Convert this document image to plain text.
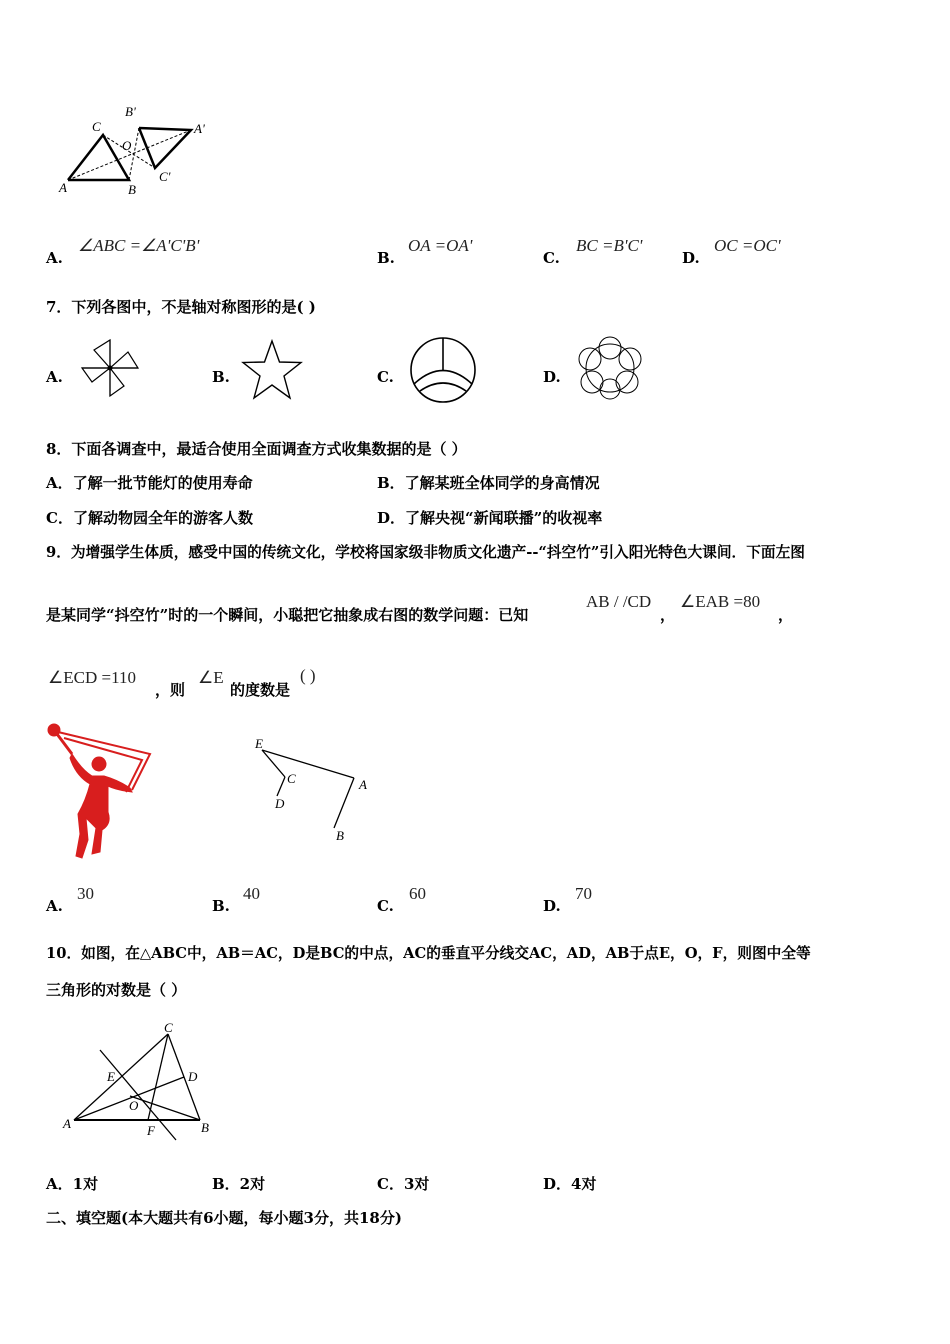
B'
C	A'
O
A	B
C'
A.
∠ABC =∠A'C'B'
B.
OA =OA'
C.
BC =B'C'
D.
OC =OC'
7．下列各图中，不是轴对称图形的是( )
A.	B.	C.	D.
8．下面各调查中，最适合使用全面调查方式收集数据的是（ ）
A．了解一批节能灯的使用寿命	B．了解某班全体同学的身高情况
C．了解动物园全年的游客人数	D．了解央视“新闻联播”的收视率
9．为增强学生体质，感受中国的传统文化，学校将国家级非物质文化遗产--“抖空竹”引入阳光特色大课间．下面左图
是某同学“抖空竹”时的一个瞬间，小聪把它抽象成右图的数学问题：已知
AB / /CD
，
∠EAB =80
，
∠ECD =110
，则
∠E
的度数是
( )
E
C
D
A
B
A.
30
B.
40
C.
60
D.
70
10．如图，在△ABC中，AB＝AC，D是BC的中点，AC的垂直平分线交AC，AD，AB于点E，O，F，则图中全等
三角形的对数是（ ）
C
E	D
O
A	F	B
A．1对	B．2对	C．3对	D．4对
二、填空题(本大题共有6小题，每小题3分，共18分)
